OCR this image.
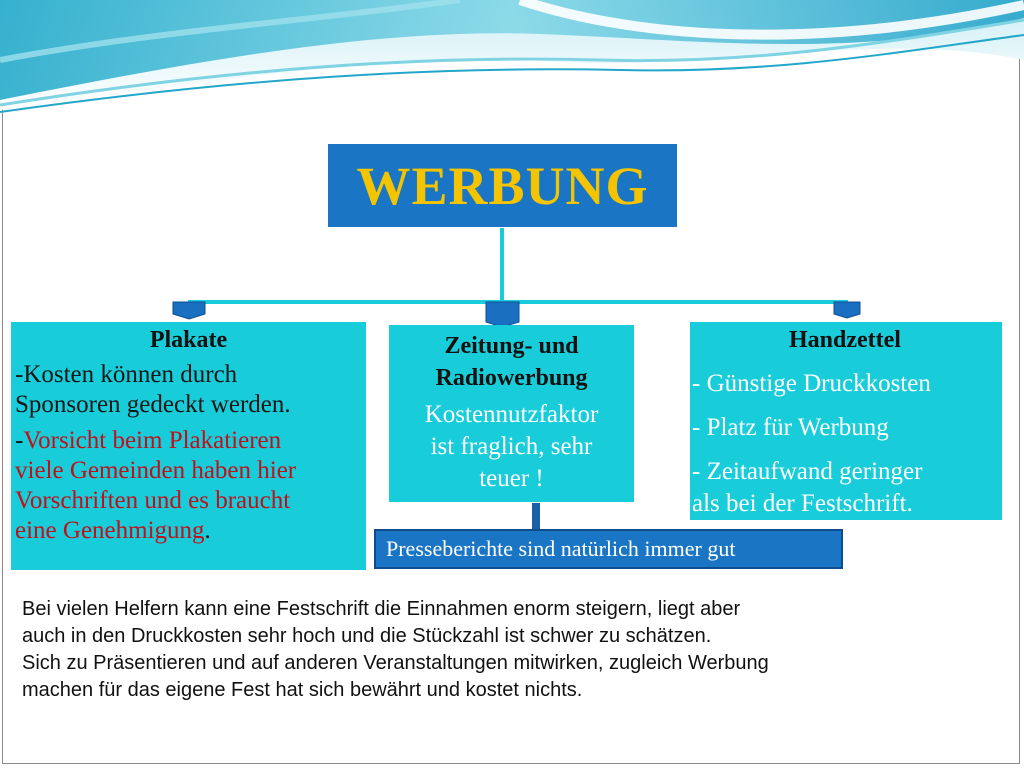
WERBUNG
Plakate
-Kosten können durch
Sponsoren gedeckt werden.
-Vorsicht beim Plakatieren
viele Gemeinden haben hier
Vorschriften und es braucht
eine Genehmigung.
Zeitung- und
Radiowerbung
Kostennutzfaktor
ist fraglich, sehr
teuer !
Handzettel
- Günstige Druckkosten
- Platz für Werbung
- Zeitaufwand geringer
als bei der Festschrift.
Presseberichte sind natürlich immer gut
Bei vielen Helfern kann eine Festschrift die Einnahmen enorm steigern, liegt aber
auch in den Druckkosten sehr hoch und die Stückzahl ist schwer zu schätzen.
Sich zu Präsentieren und auf anderen Veranstaltungen mitwirken, zugleich Werbung
machen für das eigene Fest hat sich bewährt und kostet nichts.
